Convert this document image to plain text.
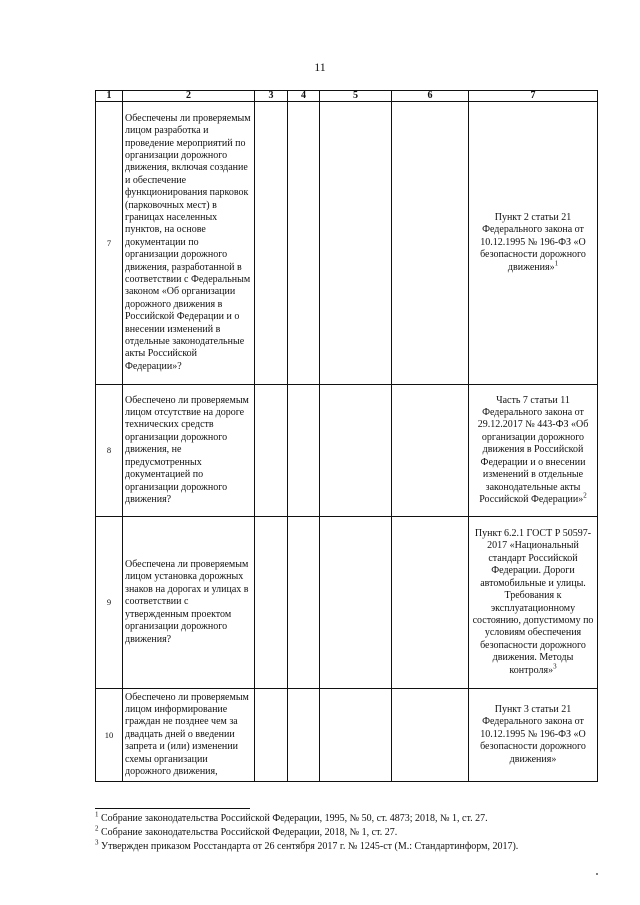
11
1	2	3	4	5	6	7
7	Обеспечены ли проверяемым лицом разработка и проведение мероприятий по организации дорожного движения, включая создание и обеспечение функционирования парковок (парковочных мест) в границах населенных пунктов, на основе документации по организации дорожного движения, разработанной в соответствии с Федеральным законом «Об организации дорожного движения в Российской Федерации и о внесении изменений в отдельные законодательные акты Российской Федерации»?					Пункт 2 статьи 21 Федерального закона от 10.12.1995 № 196-ФЗ «О безопасности дорожного движения»$^1$
8	Обеспечено ли проверяемым лицом отсутствие на дороге технических средств организации дорожного движения, не предусмотренных документацией по организации дорожного движения?					Часть 7 статьи 11 Федерального закона от 29.12.2017 № 443-ФЗ «Об организации дорожного движения в Российской Федерации и о внесении изменений в отдельные законодательные акты Российской Федерации»$^2$
9	Обеспечена ли проверяемым лицом установка дорожных знаков на дорогах и улицах в соответствии с утвержденным проектом организации дорожного движения?					Пункт 6.2.1 ГОСТ Р 50597-2017 «Национальный стандарт Российской Федерации. Дороги автомобильные и улицы. Требования к эксплуатационному состоянию, допустимому по условиям обеспечения безопасности дорожного движения. Методы контроля»$^3$
10	Обеспечено ли проверяемым лицом информирование граждан не позднее чем за двадцать дней о введении запрета и (или) изменении схемы организации дорожного движения,					Пункт 3 статьи 21 Федерального закона от 10.12.1995 № 196-ФЗ «О безопасности дорожного движения»
$^1$ Собрание законодательства Российской Федерации, 1995, № 50, ст. 4873; 2018, № 1, ст. 27.
$^2$ Собрание законодательства Российской Федерации, 2018, № 1, ст. 27.
$^3$ Утвержден приказом Росстандарта от 26 сентября 2017 г. № 1245-ст (М.: Стандартинформ, 2017).
